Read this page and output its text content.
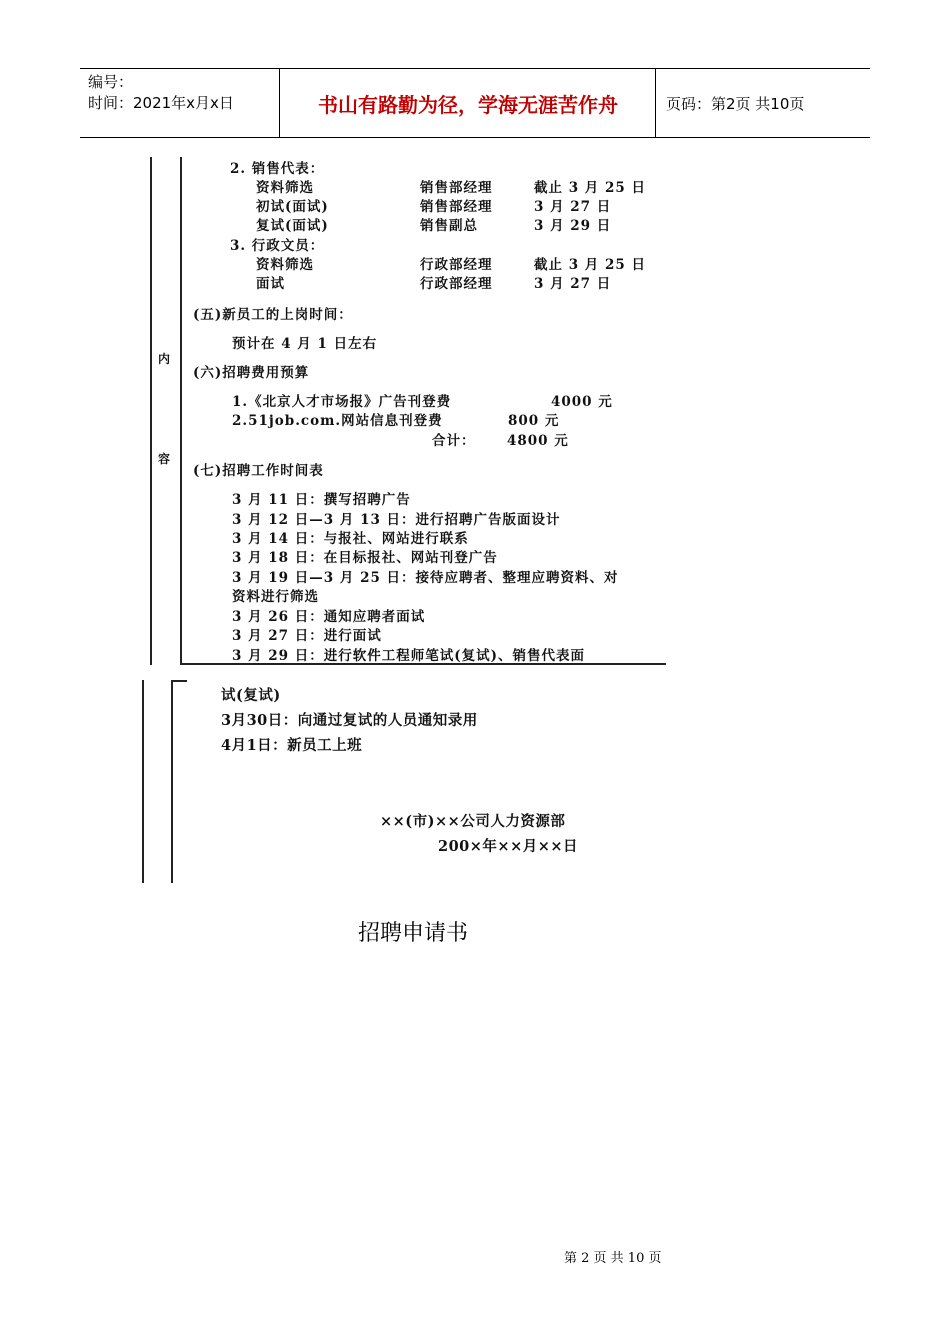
编号：
时间：2021年x月x日	书山有路勤为径，学海无涯苦作舟	页码：第2页 共10页
内
容
2. 销售代表：
资料筛选	销售部经理	截止 3 月 25 日
初试(面试)	销售部经理	3 月 27 日
复试(面试)	销售副总	3 月 29 日
3. 行政文员：
资料筛选	行政部经理	截止 3 月 25 日
面试	行政部经理	3 月 27 日
(五)新员工的上岗时间：
预计在 4 月 1 日左右
(六)招聘费用预算
1.《北京人才市场报》广告刊登费	4000 元
2.51job.com.网站信息刊登费	800 元
合计： 4800 元
(七)招聘工作时间表
3 月 11 日：撰写招聘广告
3 月 12 日—3 月 13 日：进行招聘广告版面设计
3 月 14 日：与报社、网站进行联系
3 月 18 日：在目标报社、网站刊登广告
3 月 19 日—3 月 25 日：接待应聘者、整理应聘资料、对
资料进行筛选
3 月 26 日：通知应聘者面试
3 月 27 日：进行面试
3 月 29 日：进行软件工程师笔试(复试)、销售代表面
试(复试)
3月30日：向通过复试的人员通知录用
4月1日：新员工上班
××(市)××公司人力资源部
200×年××月××日
招聘申请书
第 2 页 共 10 页
